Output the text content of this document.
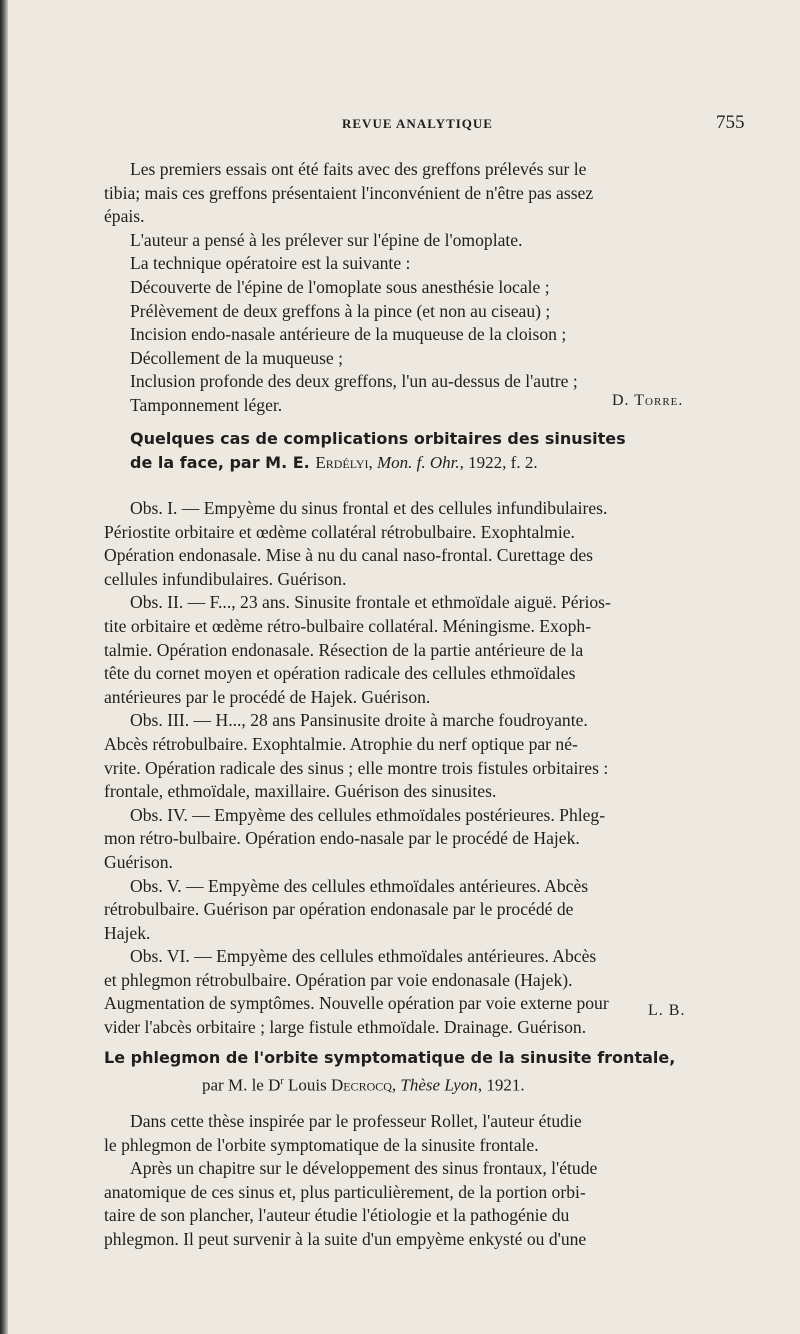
REVUE ANALYTIQUE	755
Les premiers essais ont été faits avec des greffons prélevés sur le
tibia; mais ces greffons présentaient l'inconvénient de n'être pas assez
épais.
L'auteur a pensé à les prélever sur l'épine de l'omoplate.
La technique opératoire est la suivante :
Découverte de l'épine de l'omoplate sous anesthésie locale ;
Prélèvement de deux greffons à la pince (et non au ciseau) ;
Incision endo-nasale antérieure de la muqueuse de la cloison ;
Décollement de la muqueuse ;
Inclusion profonde des deux greffons, l'un au-dessus de l'autre ;
Tamponnement léger.	D. Torre.
Quelques cas de complications orbitaires des sinusites
de la face, par M. E. Erdélyi, Mon. f. Ohr., 1922, f. 2.
Obs. I. — Empyème du sinus frontal et des cellules infundibulaires.
Périostite orbitaire et œdème collatéral rétrobulbaire. Exophtalmie.
Opération endonasale. Mise à nu du canal naso-frontal. Curettage des
cellules infundibulaires. Guérison.
Obs. II. — F..., 23 ans. Sinusite frontale et ethmoïdale aiguë. Périos-
tite orbitaire et œdème rétro-bulbaire collatéral. Méningisme. Exoph-
talmie. Opération endonasale. Résection de la partie antérieure de la
tête du cornet moyen et opération radicale des cellules ethmoïdales
antérieures par le procédé de Hajek. Guérison.
Obs. III. — H..., 28 ans Pansinusite droite à marche foudroyante.
Abcès rétrobulbaire. Exophtalmie. Atrophie du nerf optique par né-
vrite. Opération radicale des sinus ; elle montre trois fistules orbitaires :
frontale, ethmoïdale, maxillaire. Guérison des sinusites.
Obs. IV. — Empyème des cellules ethmoïdales postérieures. Phleg-
mon rétro-bulbaire. Opération endo-nasale par le procédé de Hajek.
Guérison.
Obs. V. — Empyème des cellules ethmoïdales antérieures. Abcès
rétrobulbaire. Guérison par opération endonasale par le procédé de
Hajek.
Obs. VI. — Empyème des cellules ethmoïdales antérieures. Abcès
et phlegmon rétrobulbaire. Opération par voie endonasale (Hajek).
Augmentation de symptômes. Nouvelle opération par voie externe pour
vider l'abcès orbitaire ; large fistule ethmoïdale. Drainage. Guérison.
L. B.
Le phlegmon de l'orbite symptomatique de la sinusite frontale,
par M. le $D^r$ Louis Decrocq, Thèse Lyon, 1921.
Dans cette thèse inspirée par le professeur Rollet, l'auteur étudie
le phlegmon de l'orbite symptomatique de la sinusite frontale.
Après un chapitre sur le développement des sinus frontaux, l'étude
anatomique de ces sinus et, plus particulièrement, de la portion orbi-
taire de son plancher, l'auteur étudie l'étiologie et la pathogénie du
phlegmon. Il peut survenir à la suite d'un empyème enkysté ou d'une
